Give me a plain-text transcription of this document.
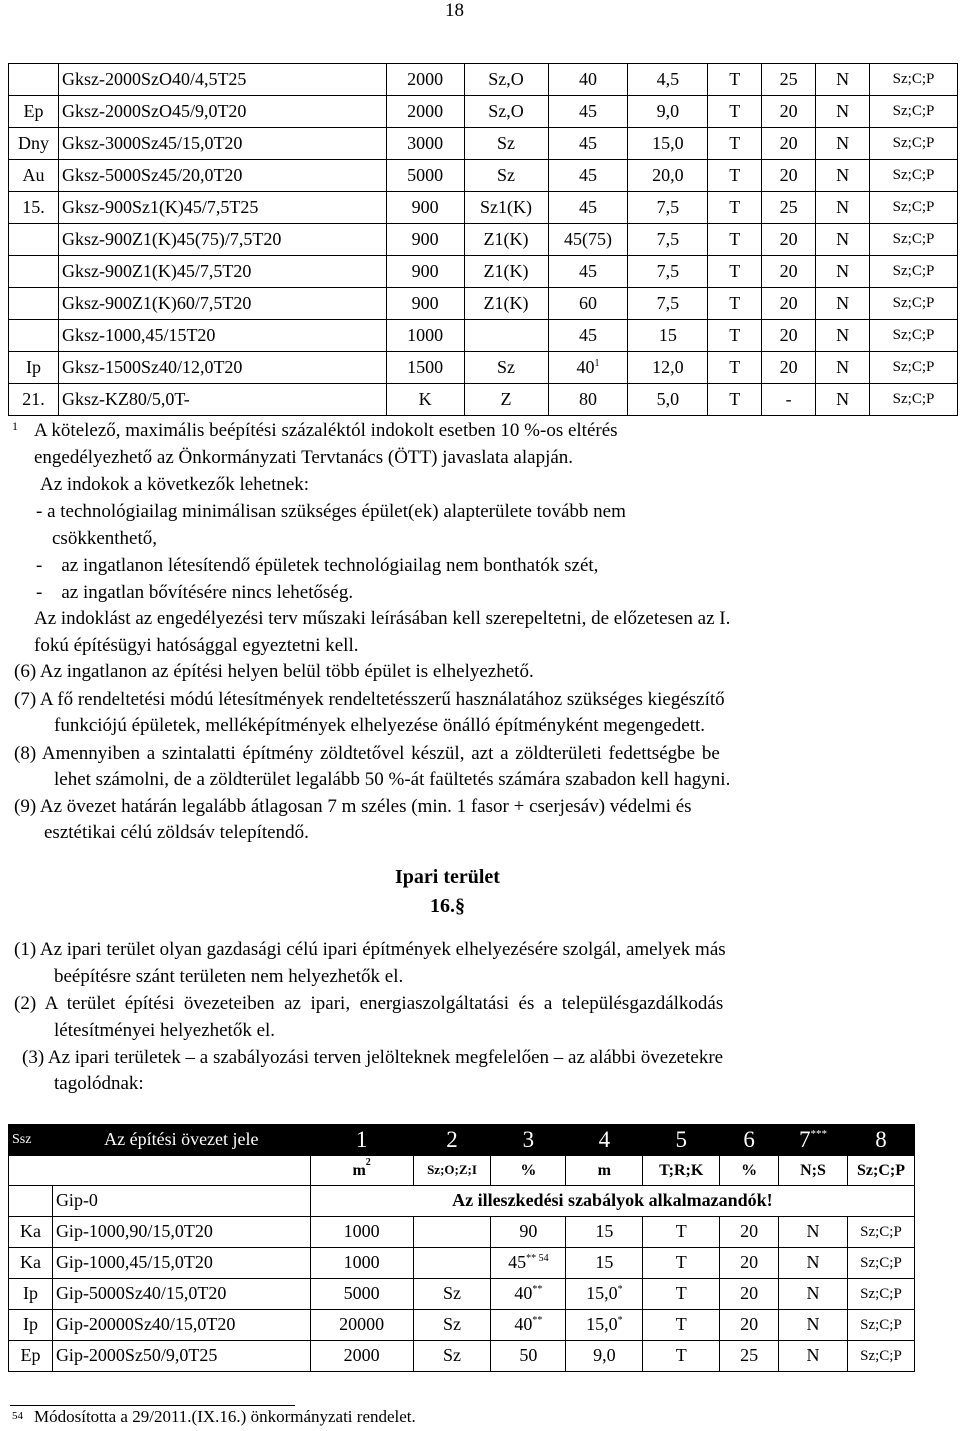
18
	Gksz-2000SzO40/4,5T25	2000	Sz,O	40	4,5	T	25	N	Sz;C;P
Ep	Gksz-2000SzO45/9,0T20	2000	Sz,O	45	9,0	T	20	N	Sz;C;P
Dny	Gksz-3000Sz45/15,0T20	3000	Sz	45	15,0	T	20	N	Sz;C;P
Au	Gksz-5000Sz45/20,0T20	5000	Sz	45	20,0	T	20	N	Sz;C;P
15.	Gksz-900Sz1(K)45/7,5T25	900	Sz1(K)	45	7,5	T	25	N	Sz;C;P
	Gksz-900Z1(K)45(75)/7,5T20	900	Z1(K)	45(75)	7,5	T	20	N	Sz;C;P
	Gksz-900Z1(K)45/7,5T20	900	Z1(K)	45	7,5	T	20	N	Sz;C;P
	Gksz-900Z1(K)60/7,5T20	900	Z1(K)	60	7,5	T	20	N	Sz;C;P
	Gksz-1000,45/15T20	1000		45	15	T	20	N	Sz;C;P
Ip	Gksz-1500Sz40/12,0T20	1500	Sz	$40^1$	12,0	T	20	N	Sz;C;P
21.	Gksz-KZ80/5,0T-	K	Z	80	5,0	T	-	N	Sz;C;P
1 A kötelező, maximális beépítési százaléktól indokolt esetben 10 %-os eltérés
engedélyezhető az Önkormányzati Tervtanács (ÖTT) javaslata alapján.
Az indokok a következők lehetnek:
- a technológiailag minimálisan szükséges épület(ek) alapterülete tovább nem
csökkenthető,
-    az ingatlanon létesítendő épületek technológiailag nem bonthatók szét,
-    az ingatlan bővítésére nincs lehetőség.
Az indoklást az engedélyezési terv műszaki leírásában kell szerepeltetni, de előzetesen az I.
fokú építésügyi hatósággal egyeztetni kell.
(6) Az ingatlanon az építési helyen belül több épület is elhelyezhető.
(7) A fő rendeltetési módú létesítmények rendeltetésszerű használatához szükséges kiegészítő
funkciójú épületek, melléképítmények elhelyezése önálló építményként megengedett.
(8) Amennyiben a szintalatti építmény zöldtetővel készül, azt a zöldterületi fedettségbe be
lehet számolni, de a zöldterület legalább 50 %-át faültetés számára szabadon kell hagyni.
(9) Az övezet határán legalább átlagosan 7 m széles (min. 1 fasor + cserjesáv) védelmi és
esztétikai célú zöldsáv telepítendő.
Ipari terület
16.§
(1) Az ipari terület olyan gazdasági célú ipari építmények elhelyezésére szolgál, amelyek más
beépítésre szánt területen nem helyezhetők el.
(2)  A  terület  építési  övezeteiben  az  ipari,  energiaszolgáltatási  és  a  településgazdálkodás
létesítményei helyezhetők el.
(3) Az ipari területek – a szabályozási terven jelölteknek megfelelően – az alábbi övezetekre
tagolódnak:
Ssz	Az építési övezet jele	1	2	3	4	5	6	7***	8
		$m^2$	Sz;O;Z;I	%	m	T;R;K	%	N;S	Sz;C;P
	Gip-0	Az illeszkedési szabályok alkalmazandók!							
Ka	Gip-1000,90/15,0T20	1000		90	15	T	20	N	Sz;C;P
Ka	Gip-1000,45/15,0T20	1000		45$^{** 54}$	15	T	20	N	Sz;C;P
Ip	Gip-5000Sz40/15,0T20	5000	Sz	40**	15,0*	T	20	N	Sz;C;P
Ip	Gip-20000Sz40/15,0T20	20000	Sz	40**	15,0*	T	20	N	Sz;C;P
Ep	Gip-2000Sz50/9,0T25	2000	Sz	50	9,0	T	25	N	Sz;C;P
54 Módosította a 29/2011.(IX.16.) önkormányzati rendelet.
